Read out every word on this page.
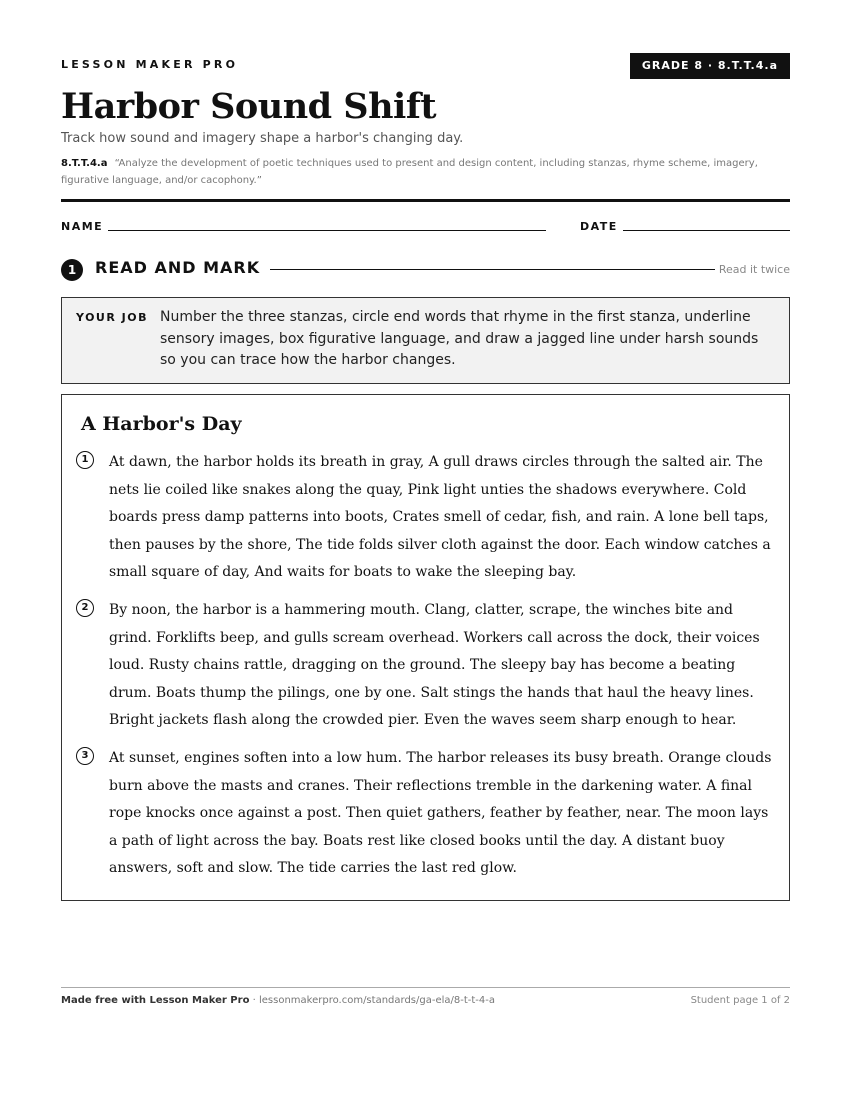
LESSON MAKER PRO	GRADE 8 · 8.T.T.4.a
Harbor Sound Shift
Track how sound and imagery shape a harbor's changing day.
8.T.T.4.a “Analyze the development of poetic techniques used to present and design content, including stanzas, rhyme scheme, imagery, figurative language, and/or cacophony.”
NAME	DATE
1	READ AND MARK	Read it twice
YOUR JOB Number the three stanzas, circle end words that rhyme in the first stanza, underline sensory images, box figurative language, and draw a jagged line under harsh sounds so you can trace how the harbor changes.
A Harbor's Day
1	At dawn, the harbor holds its breath in gray, A gull draws circles through the salted air. The nets lie coiled like snakes along the quay, Pink light unties the shadows everywhere. Cold boards press damp patterns into boots, Crates smell of cedar, fish, and rain. A lone bell taps, then pauses by the shore, The tide folds silver cloth against the door. Each window catches a small square of day, And waits for boats to wake the sleeping bay.
2	By noon, the harbor is a hammering mouth. Clang, clatter, scrape, the winches bite and grind. Forklifts beep, and gulls scream overhead. Workers call across the dock, their voices loud. Rusty chains rattle, dragging on the ground. The sleepy bay has become a beating drum. Boats thump the pilings, one by one. Salt stings the hands that haul the heavy lines. Bright jackets flash along the crowded pier. Even the waves seem sharp enough to hear.
3	At sunset, engines soften into a low hum. The harbor releases its busy breath. Orange clouds burn above the masts and cranes. Their reflections tremble in the darkening water. A final rope knocks once against a post. Then quiet gathers, feather by feather, near. The moon lays a path of light across the bay. Boats rest like closed books until the day. A distant buoy answers, soft and slow. The tide carries the last red glow.
Made free with Lesson Maker Pro · lessonmakerpro.com/standards/ga-ela/8-t-t-4-a	Student page 1 of 2
